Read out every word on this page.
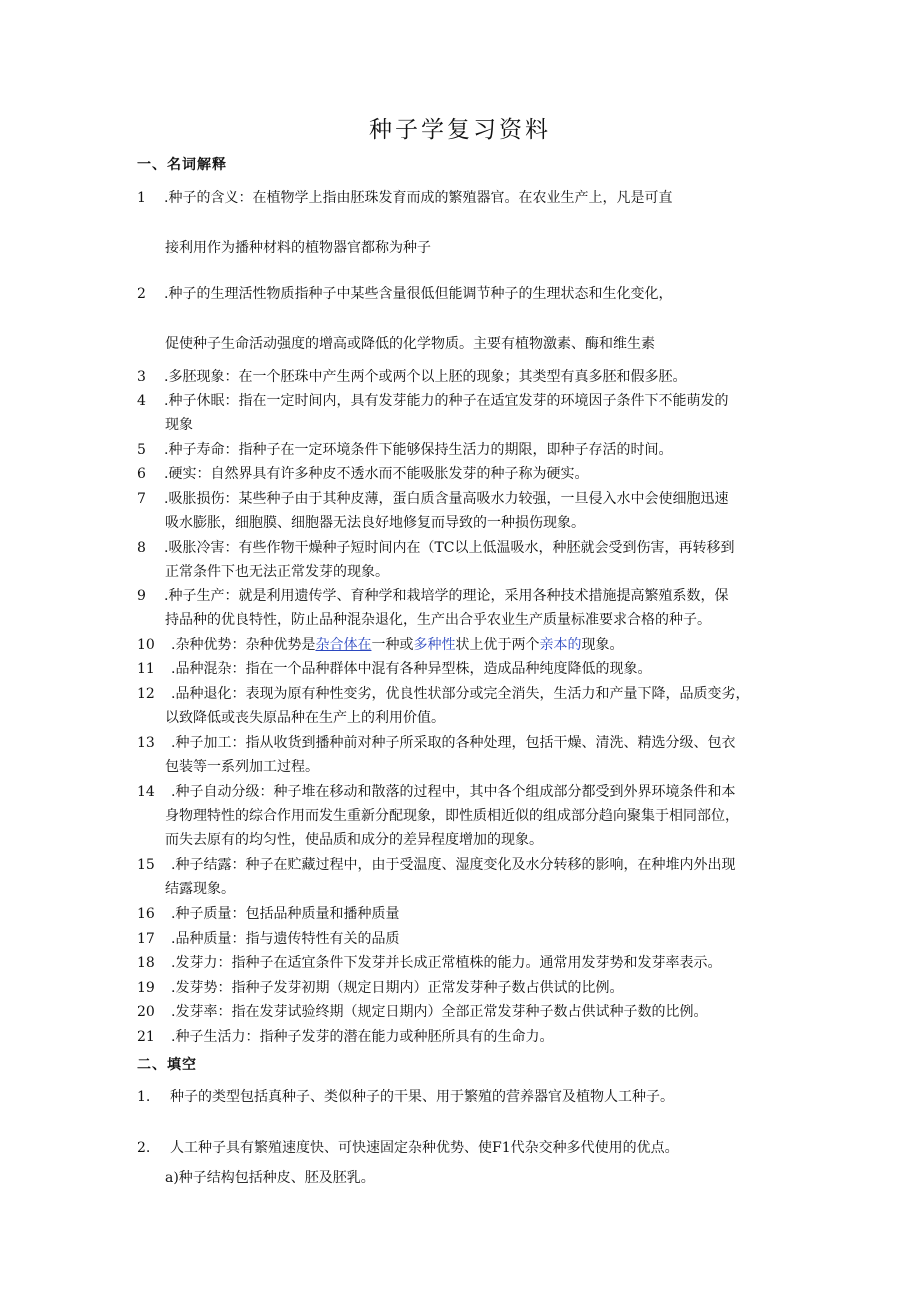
种子学复习资料
一、名词解释
1 .种子的含义：在植物学上指由胚珠发育而成的繁殖器官。在农业生产上，凡是可直
接利用作为播种材料的植物器官都称为种子
2 .种子的生理活性物质指种子中某些含量很低但能调节种子的生理状态和生化变化，
促使种子生命活动强度的增高或降低的化学物质。主要有植物激素、酶和维生素
3 .多胚现象：在一个胚珠中产生两个或两个以上胚的现象；其类型有真多胚和假多胚。
4 .种子休眠：指在一定时间内，具有发芽能力的种子在适宜发芽的环境因子条件下不能萌发的
现象
5 .种子寿命：指种子在一定环境条件下能够保持生活力的期限，即种子存活的时间。
6 .硬实：自然界具有许多种皮不透水而不能吸胀发芽的种子称为硬实。
7 .吸胀损伤：某些种子由于其种皮薄，蛋白质含量高吸水力较强，一旦侵入水中会使细胞迅速
吸水膨胀，细胞膜、细胞器无法良好地修复而导致的一种损伤现象。
8 .吸胀冷害：有些作物干燥种子短时间内在（TC以上低温吸水，种胚就会受到伤害，再转移到
正常条件下也无法正常发芽的现象。
9 .种子生产：就是利用遗传学、育种学和栽培学的理论，采用各种技术措施提高繁殖系数，保
持品种的优良特性，防止品种混杂退化，生产出合乎农业生产质量标准要求合格的种子。
10 .杂种优势：杂种优势是杂合体在一种或多种性状上优于两个亲本的现象。
11 .品种混杂：指在一个品种群体中混有各种异型株，造成品种纯度降低的现象。
12 .品种退化：表现为原有种性变劣，优良性状部分或完全消失，生活力和产量下降，品质变劣，
以致降低或丧失原品种在生产上的利用价值。
13 .种子加工：指从收货到播种前对种子所采取的各种处理，包括干燥、清洗、精选分级、包衣
包装等一系列加工过程。
14 .种子自动分级：种子堆在移动和散落的过程中，其中各个组成部分都受到外界环境条件和本
身物理特性的综合作用而发生重新分配现象，即性质相近似的组成部分趋向聚集于相同部位，
而失去原有的均匀性，使品质和成分的差异程度增加的现象。
15 .种子结露：种子在贮藏过程中，由于受温度、湿度变化及水分转移的影响，在种堆内外出现
结露现象。
16 .种子质量：包括品种质量和播种质量
17 .品种质量：指与遗传特性有关的品质
18 .发芽力：指种子在适宜条件下发芽并长成正常植株的能力。通常用发芽势和发芽率表示。
19 .发芽势：指种子发芽初期（规定日期内）正常发芽种子数占供试的比例。
20 .发芽率：指在发芽试验终期（规定日期内）全部正常发芽种子数占供试种子数的比例。
21 .种子生活力：指种子发芽的潜在能力或种胚所具有的生命力。
二、填空
1. 种子的类型包括真种子、类似种子的干果、用于繁殖的营养器官及植物人工种子。
2. 人工种子具有繁殖速度快、可快速固定杂种优势、使F1代杂交种多代使用的优点。
a)种子结构包括种皮、胚及胚乳。
